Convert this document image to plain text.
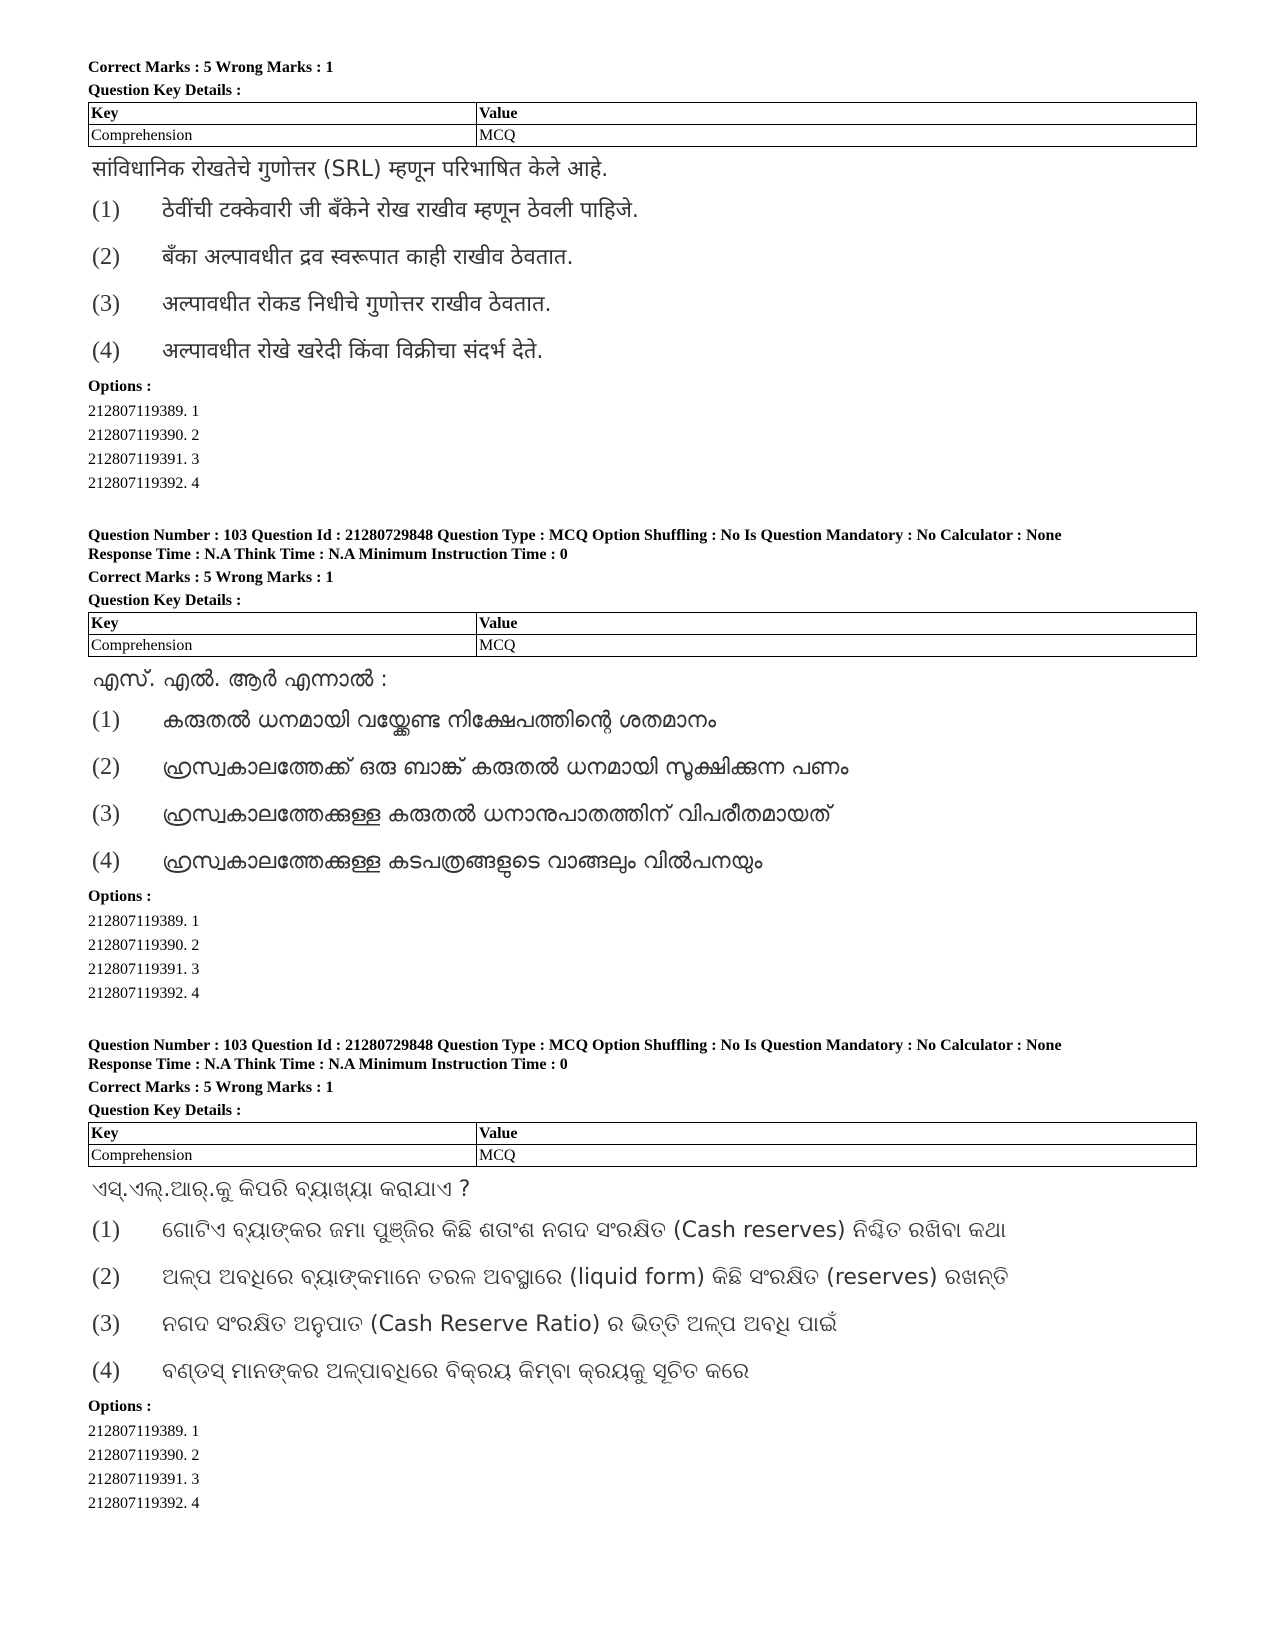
Correct Marks : 5 Wrong Marks : 1
Question Key Details :
Key	Value
Comprehension	MCQ
सांविधानिक रोखतेचे गुणोत्तर (SRL) म्हणून परिभाषित केले आहे.
(1)	ठेवींची टक्केवारी जी बँकेने रोख राखीव म्हणून ठेवली पाहिजे.
(2)	बँका अल्पावधीत द्रव स्वरूपात काही राखीव ठेवतात.
(3)	अल्पावधीत रोकड निधीचे गुणोत्तर राखीव ठेवतात.
(4)	अल्पावधीत रोखे खरेदी किंवा विक्रीचा संदर्भ देते.
Options :
212807119389. 1
212807119390. 2
212807119391. 3
212807119392. 4
Question Number : 103 Question Id : 21280729848 Question Type : MCQ Option Shuffling : No Is Question Mandatory : No Calculator : None
Response Time : N.A Think Time : N.A Minimum Instruction Time : 0
Correct Marks : 5 Wrong Marks : 1
Question Key Details :
Key	Value
Comprehension	MCQ
എസ്. എൽ. ആർ എന്നാൽ :
(1)	കരുതൽ ധനമായി വയ്ക്കേണ്ട നിക്ഷേപത്തിന്റെ ശതമാനം
(2)	ഹ്രസ്വകാലത്തേക്ക് ഒരു ബാങ്ക് കരുതൽ ധനമായി സൂക്ഷിക്കുന്ന പണം
(3)	ഹ്രസ്വകാലത്തേക്കുള്ള കരുതൽ ധനാനുപാതത്തിന് വിപരീതമായത്
(4)	ഹ്രസ്വകാലത്തേക്കുള്ള കടപത്രങ്ങളുടെ വാങ്ങലും വിൽപനയും
Options :
212807119389. 1
212807119390. 2
212807119391. 3
212807119392. 4
Question Number : 103 Question Id : 21280729848 Question Type : MCQ Option Shuffling : No Is Question Mandatory : No Calculator : None
Response Time : N.A Think Time : N.A Minimum Instruction Time : 0
Correct Marks : 5 Wrong Marks : 1
Question Key Details :
Key	Value
Comprehension	MCQ
ଏସ୍.ଏଲ୍.ଆର୍.କୁ କିପରି ବ୍ୟାଖ୍ୟା କରାଯାଏ ?
(1)	ଗୋଟିଏ ବ୍ୟାଙ୍କର ଜମା ପୁଞ୍ଜିର କିଛି ଶତାଂଶ ନଗଦ ସଂରକ୍ଷିତ (Cash reserves) ନିଶ୍ଚିତ ରଖିବା କଥା
(2)	ଅଳ୍ପ ଅବଧିରେ ବ୍ୟାଙ୍କମାନେ ତରଳ ଅବସ୍ଥାରେ (liquid form) କିଛି ସଂରକ୍ଷିତ (reserves) ରଖନ୍ତି
(3)	ନଗଦ ସଂରକ୍ଷିତ ଅନୁପାତ (Cash Reserve Ratio) ର ଭିତ୍ତି ଅଳ୍ପ ଅବଧି ପାଇଁ
(4)	ବଣ୍ଡସ୍ ମାନଙ୍କର ଅଳ୍ପାବଧିରେ ବିକ୍ରୟ କିମ୍ବା କ୍ରୟକୁ ସୂଚିତ କରେ
Options :
212807119389. 1
212807119390. 2
212807119391. 3
212807119392. 4
